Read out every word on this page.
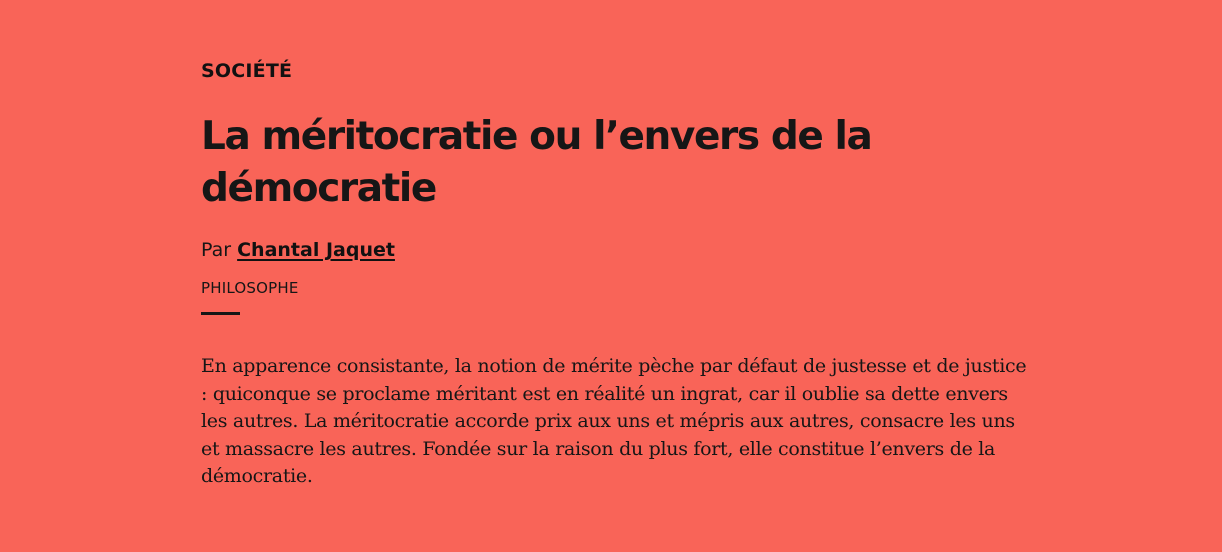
SOCIÉTÉ
La méritocratie ou l’envers de la démocratie
Par Chantal Jaquet
PHILOSOPHE

En apparence consistante, la notion de mérite pèche par défaut de justesse et de justice : quiconque se proclame méritant est en réalité un ingrat, car il oublie sa dette envers les autres. La méritocratie accorde prix aux uns et mépris aux autres, consacre les uns et massacre les autres. Fondée sur la raison du plus fort, elle constitue l’envers de la démocratie.
